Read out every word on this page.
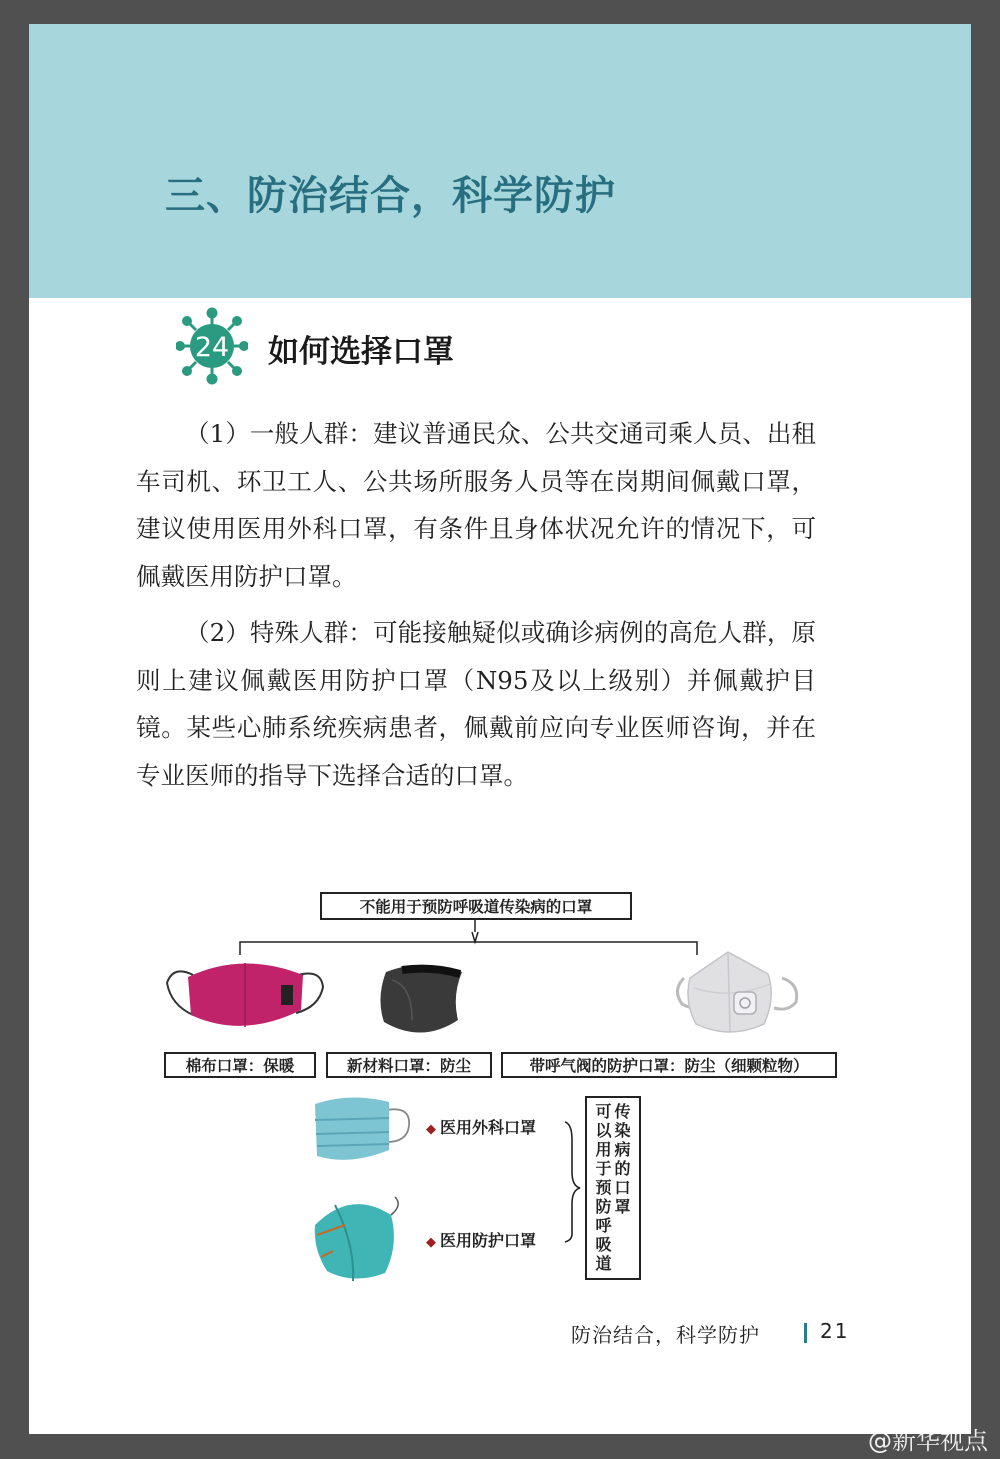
三、防治结合，科学防护
24 如何选择口罩

（1）一般人群：建议普通民众、公共交通司乘人员、出租车司机、环卫工人、公共场所服务人员等在岗期间佩戴口罩，建议使用医用外科口罩，有条件且身体状况允许的情况下，可佩戴医用防护口罩。

（2）特殊人群：可能接触疑似或确诊病例的高危人群，原则上建议佩戴医用防护口罩（N95及以上级别）并佩戴护目镜。某些心肺系统疾病患者，佩戴前应向专业医师咨询，并在专业医师的指导下选择合适的口罩。

不能用于预防呼吸道传染病的口罩
棉布口罩：保暖	新材料口罩：防尘	带呼气阀的防护口罩：防尘（细颗粒物）
◆ 医用外科口罩
◆ 医用防护口罩
可以用于预防呼吸道
传染病的口罩
防治结合，科学防护	21
@新华视点
